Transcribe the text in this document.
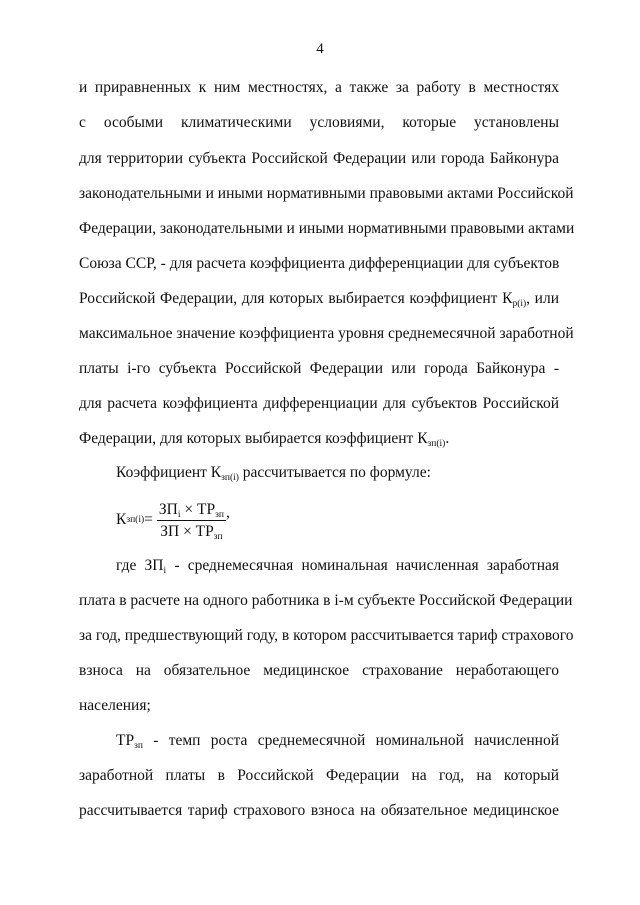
4
и приравненных к ним местностях, а также за работу в местностях
с особыми климатическими условиями, которые установлены
для территории субъекта Российской Федерации или города Байконура
законодательными и иными нормативными правовыми актами Российской
Федерации, законодательными и иными нормативными правовыми актами
Союза ССР, - для расчета коэффициента дифференциации для субъектов
Российской Федерации, для которых выбирается коэффициент $К_{р(i)}$, или
максимальное значение коэффициента уровня среднемесячной заработной
платы i-го субъекта Российской Федерации или города Байконура -
для расчета коэффициента дифференциации для субъектов Российской
Федерации, для которых выбирается коэффициент $К_{зп(i)}$.
Коэффициент $К_{зп(i)}$ рассчитывается по формуле:
К $зп(i) = \frac{ЗП_i \times ТР_{зп}}{ЗП \times ТР_{зп}}$ ,
где $ЗП_i$ - среднемесячная номинальная начисленная заработная
плата в расчете на одного работника в i-м субъекте Российской Федерации
за год, предшествующий году, в котором рассчитывается тариф страхового
взноса на обязательное медицинское страхование неработающего
населения;
$ТР_{зп}$ - темп роста среднемесячной номинальной начисленной
заработной платы в Российской Федерации на год, на который
рассчитывается тариф страхового взноса на обязательное медицинское
